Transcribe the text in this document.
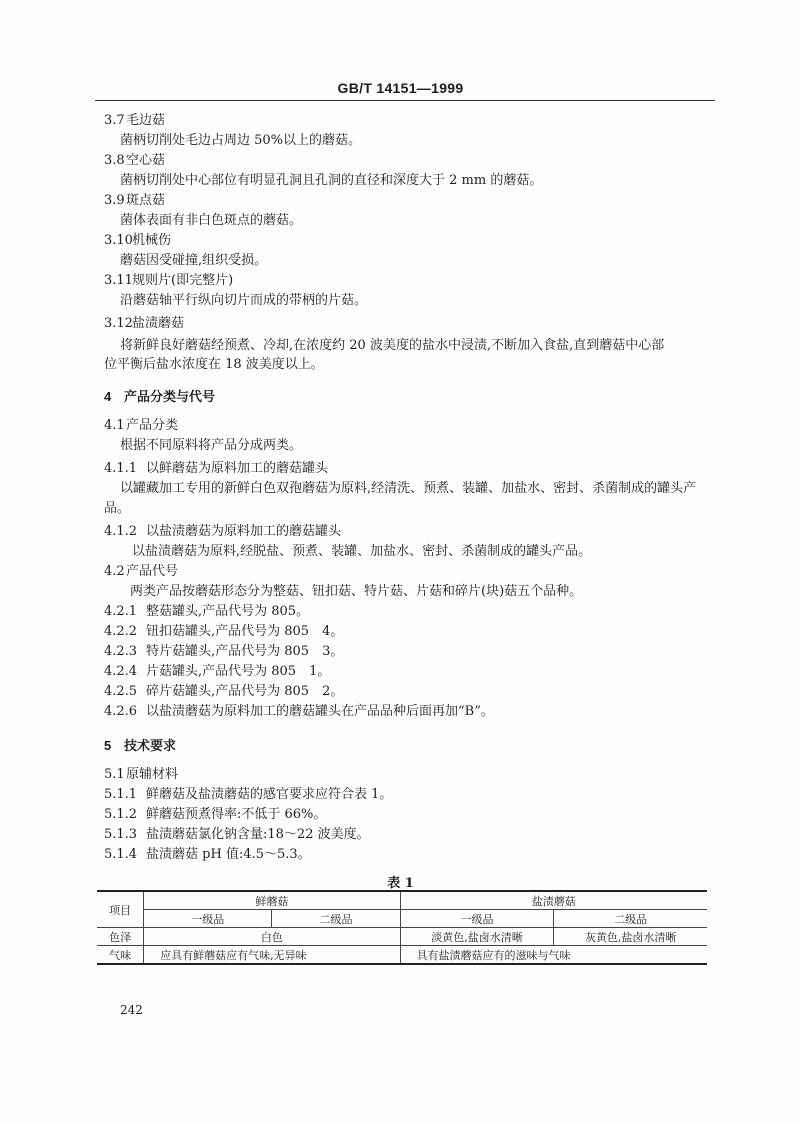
GB/T 14151—1999
3.7毛边菇
菌柄切削处毛边占周边 50%以上的蘑菇。
3.8空心菇
菌柄切削处中心部位有明显孔洞且孔洞的直径和深度大于 2 mm 的蘑菇。
3.9斑点菇
菌体表面有非白色斑点的蘑菇。
3.10机械伤
蘑菇因受碰撞,组织受损。
3.11规则片(即完整片)
沿蘑菇轴平行纵向切片而成的带柄的片菇。
3.12盐渍蘑菇
将新鲜良好蘑菇经预煮、冷却,在浓度约 20 波美度的盐水中浸渍,不断加入食盐,直到蘑菇中心部
位平衡后盐水浓度在 18 波美度以上。
4 产品分类与代号
4.1产品分类
根据不同原料将产品分成两类。
4.1.1 以鲜蘑菇为原料加工的蘑菇罐头
以罐藏加工专用的新鲜白色双孢蘑菇为原料,经清洗、预煮、装罐、加盐水、密封、杀菌制成的罐头产
品。
4.1.2 以盐渍蘑菇为原料加工的蘑菇罐头
以盐渍蘑菇为原料,经脱盐、预煮、装罐、加盐水、密封、杀菌制成的罐头产品。
4.2产品代号
两类产品按蘑菇形态分为整菇、钮扣菇、特片菇、片菇和碎片(块)菇五个品种。
4.2.1 整菇罐头,产品代号为 805。
4.2.2 钮扣菇罐头,产品代号为 805　4。
4.2.3 特片菇罐头,产品代号为 805　3。
4.2.4 片菇罐头,产品代号为 805　1。
4.2.5 碎片菇罐头,产品代号为 805　2。
4.2.6 以盐渍蘑菇为原料加工的蘑菇罐头在产品品种后面再加“B”。
5 技术要求
5.1原辅材料
5.1.1 鲜蘑菇及盐渍蘑菇的感官要求应符合表 1。
5.1.2 鲜蘑菇预煮得率:不低于 66%。
5.1.3 盐渍蘑菇氯化钠含量:18～22 波美度。
5.1.4 盐渍蘑菇 pH 值:4.5～5.3。
表 1
项目	鲜蘑菇		盐渍蘑菇	
	一级品	二级品	一级品	二级品
色泽	白色		淡黄色,盐卤水清晰	灰黄色,盐卤水清晰
气味	应具有鲜蘑菇应有气味,无异味		具有盐渍蘑菇应有的滋味与气味	
242
